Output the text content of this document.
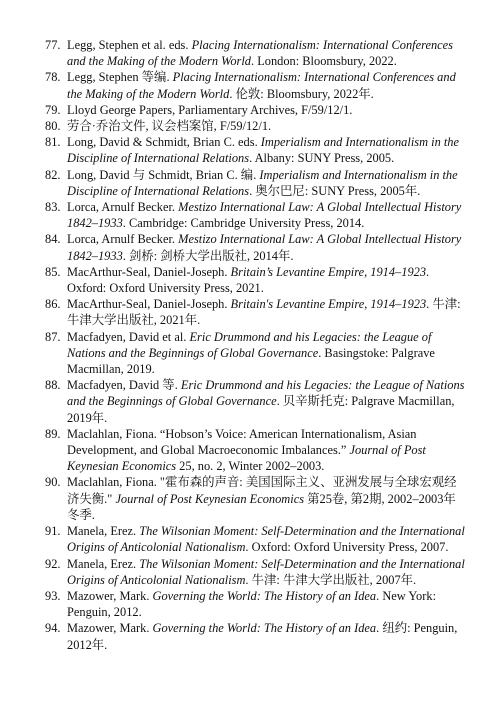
77. Legg, Stephen et al. eds. Placing Internationalism: International Conferences and the Making of the Modern World. London: Bloomsbury, 2022.
78. Legg, Stephen 等编. Placing Internationalism: International Conferences and the Making of the Modern World. 伦敦: Bloomsbury, 2022年.
79. Lloyd George Papers, Parliamentary Archives, F/59/12/1.
80. 劳合·乔治文件, 议会档案馆, F/59/12/1.
81. Long, David & Schmidt, Brian C. eds. Imperialism and Internationalism in the Discipline of International Relations. Albany: SUNY Press, 2005.
82. Long, David 与 Schmidt, Brian C. 编. Imperialism and Internationalism in the Discipline of International Relations. 奥尔巴尼: SUNY Press, 2005年.
83. Lorca, Arnulf Becker. Mestizo International Law: A Global Intellectual History 1842–1933. Cambridge: Cambridge University Press, 2014.
84. Lorca, Arnulf Becker. Mestizo International Law: A Global Intellectual History 1842–1933. 剑桥: 剑桥大学出版社, 2014年.
85. MacArthur-Seal, Daniel-Joseph. Britain’s Levantine Empire, 1914–1923. Oxford: Oxford University Press, 2021.
86. MacArthur-Seal, Daniel-Joseph. Britain's Levantine Empire, 1914–1923. 牛津: 牛津大学出版社, 2021年.
87. Macfadyen, David et al. Eric Drummond and his Legacies: the League of Nations and the Beginnings of Global Governance. Basingstoke: Palgrave Macmillan, 2019.
88. Macfadyen, David 等. Eric Drummond and his Legacies: the League of Nations and the Beginnings of Global Governance. 贝辛斯托克: Palgrave Macmillan, 2019年.
89. Maclahlan, Fiona. “Hobson’s Voice: American Internationalism, Asian Development, and Global Macroeconomic Imbalances.” Journal of Post Keynesian Economics 25, no. 2, Winter 2002–2003.
90. Maclahlan, Fiona. "霍布森的声音: 美国国际主义、亚洲发展与全球宏观经济失衡." Journal of Post Keynesian Economics 第25卷, 第2期, 2002–2003年冬季.
91. Manela, Erez. The Wilsonian Moment: Self-Determination and the International Origins of Anticolonial Nationalism. Oxford: Oxford University Press, 2007.
92. Manela, Erez. The Wilsonian Moment: Self-Determination and the International Origins of Anticolonial Nationalism. 牛津: 牛津大学出版社, 2007年.
93. Mazower, Mark. Governing the World: The History of an Idea. New York: Penguin, 2012.
94. Mazower, Mark. Governing the World: The History of an Idea. 纽约: Penguin, 2012年.
